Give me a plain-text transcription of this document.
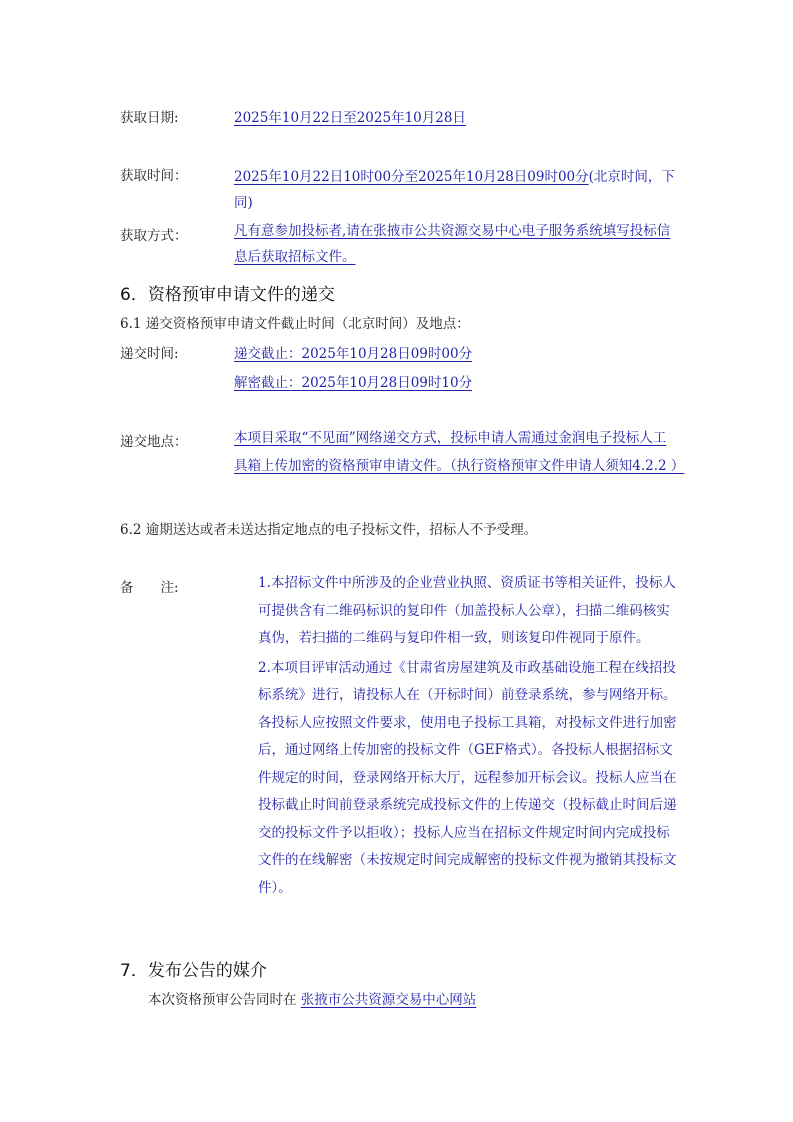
获取日期:	2025年10月22日至2025年10月28日
获取时间：	2025年10月22日10时00分至2025年10月28日09时00分(北京时间，下同)
获取方式：	凡有意参加投标者,请在张掖市公共资源交易中心电子服务系统填写投标信息后获取招标文件。
6．资格预审申请文件的递交
6.1 递交资格预审申请文件截止时间（北京时间）及地点：
递交时间:	递交截止：2025年10月28日09时00分
解密截止：2025年10月28日09时10分
递交地点：	本项目采取“不见面”网络递交方式，投标申请人需通过金润电子投标人工具箱上传加密的资格预审申请文件。（执行资格预审文件申请人须知4.2.2 ）
6.2 逾期送达或者未送达指定地点的电子投标文件，招标人不予受理。
备　　注:	1.本招标文件中所涉及的企业营业执照、资质证书等相关证件，投标人可提供含有二维码标识的复印件（加盖投标人公章），扫描二维码核实真伪，若扫描的二维码与复印件相一致，则该复印件视同于原件。

2.本项目评审活动通过《甘肃省房屋建筑及市政基础设施工程在线招投标系统》进行，请投标人在（开标时间）前登录系统，参与网络开标。各投标人应按照文件要求，使用电子投标工具箱，对投标文件进行加密后，通过网络上传加密的投标文件（GEF格式）。各投标人根据招标文件规定的时间，登录网络开标大厅，远程参加开标会议。投标人应当在投标截止时间前登录系统完成投标文件的上传递交（投标截止时间后递交的投标文件予以拒收）；投标人应当在招标文件规定时间内完成投标文件的在线解密（未按规定时间完成解密的投标文件视为撤销其投标文件）。

7．发布公告的媒介
本次资格预审公告同时在 张掖市公共资源交易中心网站
